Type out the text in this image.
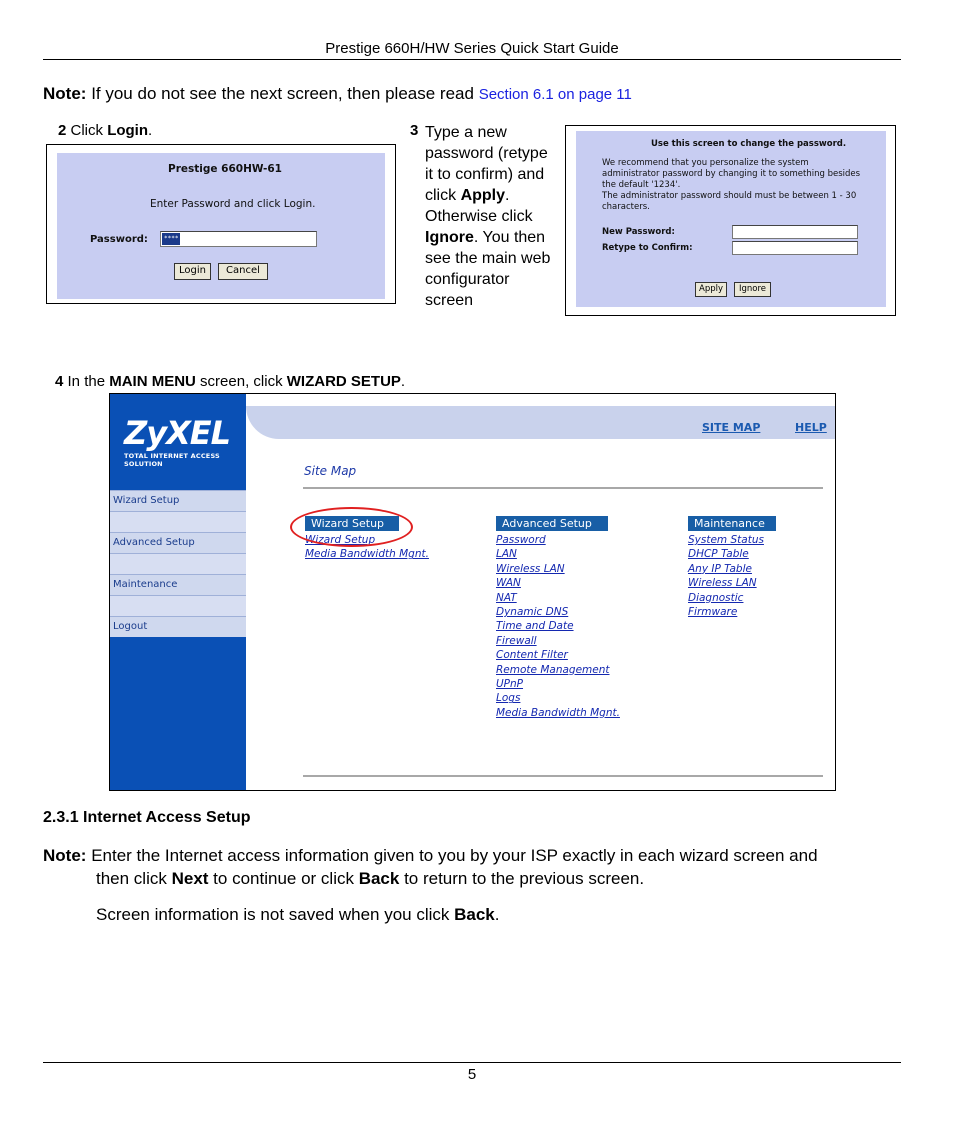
Prestige 660H/HW Series Quick Start Guide
Note: If you do not see the next screen, then please read Section 6.1 on page 11
2 Click Login.
Prestige 660HW-61
Enter Password and click Login.
Password:	****
Login	Cancel
3 Type a new password (retype it to confirm) and click Apply. Otherwise click Ignore. You then see the main web configurator screen
Use this screen to change the password.
We recommend that you personalize the system administrator password by changing it to something besides the default '1234'.
The administrator password should must be between 1 - 30 characters.
New Password:
Retype to Confirm:
Apply	Ignore
4 In the MAIN MENU screen, click WIZARD SETUP.
ZyXEL
TOTAL INTERNET ACCESS SOLUTION
SITE MAP	HELP
Wizard Setup
Advanced Setup
Maintenance
Logout
Site Map
Wizard Setup	Advanced Setup	Maintenance
Wizard Setup
Media Bandwidth Mgnt.
Password
LAN
Wireless LAN
WAN
NAT
Dynamic DNS
Time and Date
Firewall
Content Filter
Remote Management
UPnP
Logs
Media Bandwidth Mgnt.
System Status
DHCP Table
Any IP Table
Wireless LAN
Diagnostic
Firmware
2.3.1 Internet Access Setup
Note: Enter the Internet access information given to you by your ISP exactly in each wizard screen and
then click Next to continue or click Back to return to the previous screen.
Screen information is not saved when you click Back.
5
